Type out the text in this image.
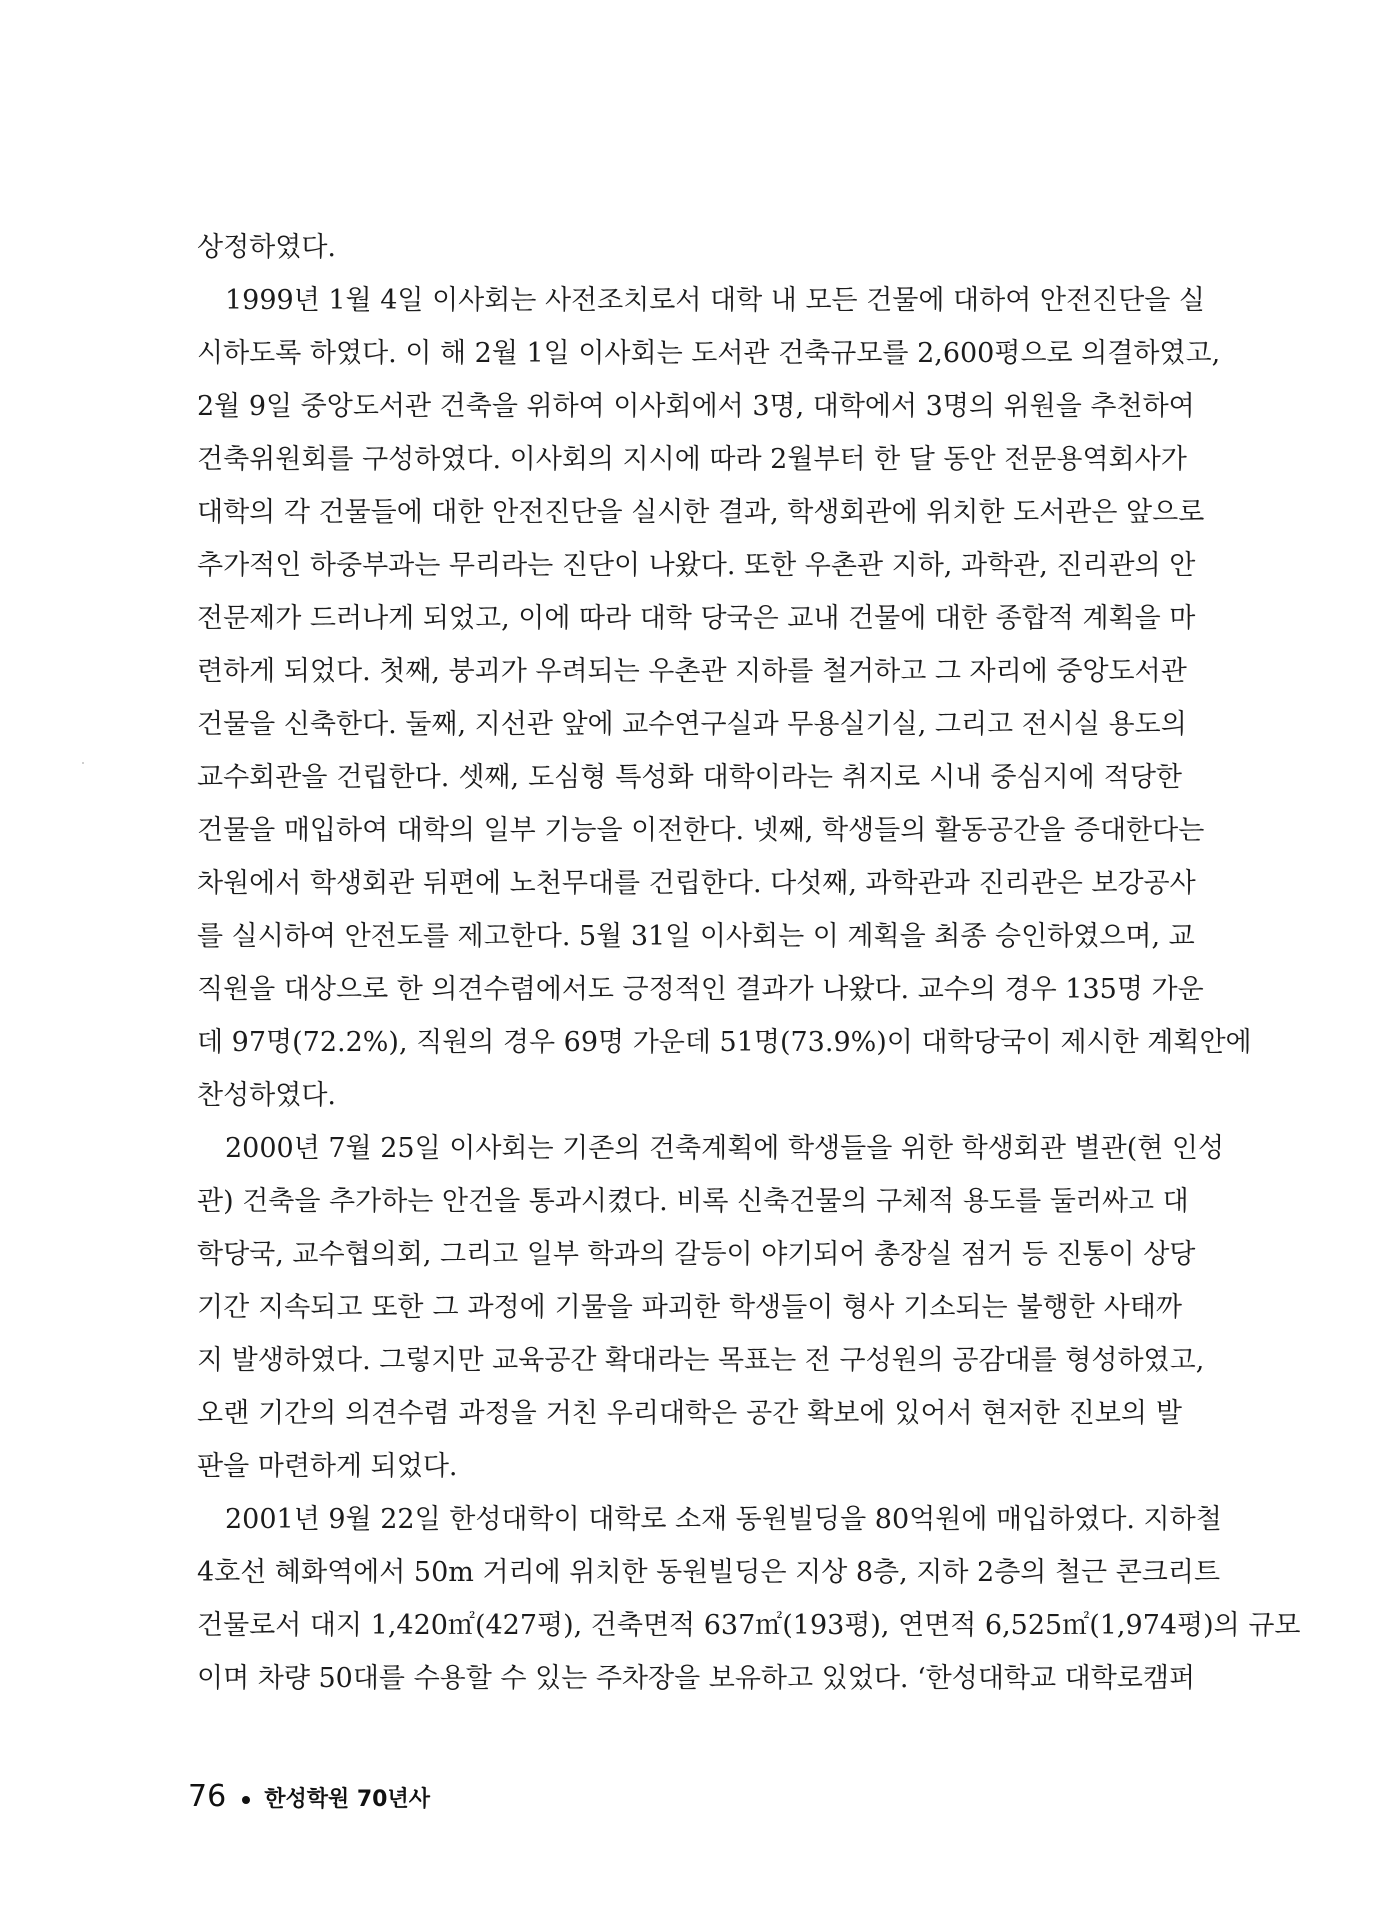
상정하였다.
1999년 1월 4일 이사회는 사전조치로서 대학 내 모든 건물에 대하여 안전진단을 실
시하도록 하였다. 이 해 2월 1일 이사회는 도서관 건축규모를 2,600평으로 의결하였고,
2월 9일 중앙도서관 건축을 위하여 이사회에서 3명, 대학에서 3명의 위원을 추천하여
건축위원회를 구성하였다. 이사회의 지시에 따라 2월부터 한 달 동안 전문용역회사가
대학의 각 건물들에 대한 안전진단을 실시한 결과, 학생회관에 위치한 도서관은 앞으로
추가적인 하중부과는 무리라는 진단이 나왔다. 또한 우촌관 지하, 과학관, 진리관의 안
전문제가 드러나게 되었고, 이에 따라 대학 당국은 교내 건물에 대한 종합적 계획을 마
련하게 되었다. 첫째, 붕괴가 우려되는 우촌관 지하를 철거하고 그 자리에 중앙도서관
건물을 신축한다. 둘째, 지선관 앞에 교수연구실과 무용실기실, 그리고 전시실 용도의
교수회관을 건립한다. 셋째, 도심형 특성화 대학이라는 취지로 시내 중심지에 적당한
건물을 매입하여 대학의 일부 기능을 이전한다. 넷째, 학생들의 활동공간을 증대한다는
차원에서 학생회관 뒤편에 노천무대를 건립한다. 다섯째, 과학관과 진리관은 보강공사
를 실시하여 안전도를 제고한다. 5월 31일 이사회는 이 계획을 최종 승인하였으며, 교
직원을 대상으로 한 의견수렴에서도 긍정적인 결과가 나왔다. 교수의 경우 135명 가운
데 97명(72.2%), 직원의 경우 69명 가운데 51명(73.9%)이 대학당국이 제시한 계획안에
찬성하였다.
2000년 7월 25일 이사회는 기존의 건축계획에 학생들을 위한 학생회관 별관(현 인성
관) 건축을 추가하는 안건을 통과시켰다. 비록 신축건물의 구체적 용도를 둘러싸고 대
학당국, 교수협의회, 그리고 일부 학과의 갈등이 야기되어 총장실 점거 등 진통이 상당
기간 지속되고 또한 그 과정에 기물을 파괴한 학생들이 형사 기소되는 불행한 사태까
지 발생하였다. 그렇지만 교육공간 확대라는 목표는 전 구성원의 공감대를 형성하였고,
오랜 기간의 의견수렴 과정을 거친 우리대학은 공간 확보에 있어서 현저한 진보의 발
판을 마련하게 되었다.
2001년 9월 22일 한성대학이 대학로 소재 동원빌딩을 80억원에 매입하였다. 지하철
4호선 혜화역에서 50m 거리에 위치한 동원빌딩은 지상 8층, 지하 2층의 철근 콘크리트
건물로서 대지 1,420㎡(427평), 건축면적 637㎡(193평), 연면적 6,525㎡(1,974평)의 규모
이며 차량 50대를 수용할 수 있는 주차장을 보유하고 있었다. ‘한성대학교 대학로캠퍼
76 한성학원 70년사
